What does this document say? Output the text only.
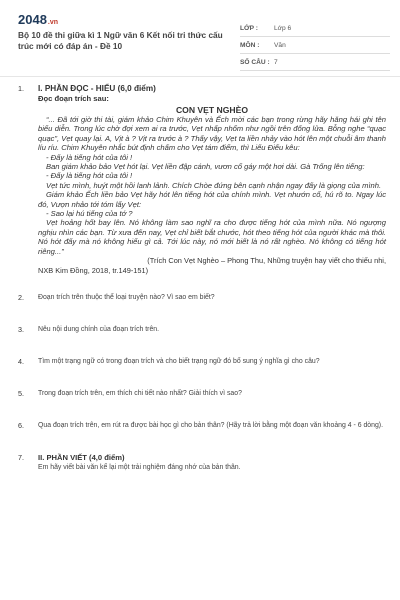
2048.vn
Bộ 10 đề thi giữa kì 1 Ngữ văn 6 Kết nối tri thức cấu trúc mới có đáp án - Đề 10
LỚP :	Lớp 6
MÔN :	Văn
SỐ CÂU : 7
1.	I. PHẦN ĐỌC - HIỂU (6,0 điểm)
Đọc đoạn trích sau:
CON VẸT NGHÈO

“... Đã tới giờ thi tài, giám khảo Chim Khuyên và Ếch mời các bạn trong rừng hãy hăng hái ghi tên biểu diễn. Trong lúc chờ đợi xem ai ra trước, Vẹt nhấp nhổm như ngồi trên đống lửa. Bỗng nghe “quạc quạc”, Vẹt quay lại. A, Vịt à ? Vịt ra trước à ? Thấy vậy, Vẹt ta liền nhảy vào hót lên một chuỗi âm thanh líu ríu. Chim Khuyên nhắc bút định chấm cho Vẹt tám điểm, thì Liếu Điếu kêu:

- Đấy là tiếng hót của tôi !

Ban giám khảo bảo Vẹt hót lại. Vẹt liền đập cánh, vươn cổ gáy một hơi dài. Gà Trống lên tiếng:

- Đấy là tiếng hót của tôi !

Vẹt tức mình, huýt một hồi lanh lảnh. Chích Chòe đứng bên cạnh nhận ngay đấy là giọng của mình.

Giám khảo Ếch liền bảo Vẹt hãy hót lên tiếng hót của chính mình. Vẹt nhướn cổ, hú rõ to. Ngay lúc đó, Vượn nhảo tới tóm lấy Vẹt:

- Sao lại hú tiếng của tớ ?

Vẹt hoảng hốt bay lên. Nó không làm sao nghĩ ra cho được tiếng hót của mình nữa. Nó ngượng nghịu nhìn các bạn. Từ xưa đến nay, Vẹt chỉ biết bắt chước, hót theo tiếng hót của người khác mà thôi. Nó hót đấy mà nó không hiểu gì cả. Tới lúc này, nó mới biết là nó rất nghèo. Nó không có tiếng hót riêng...”

(Trích Con Vẹt Nghèo – Phong Thu, Những truyện hay viết cho thiếu nhi,
NXB Kim Đồng, 2018, tr.149-151)
2.	Đoạn trích trên thuộc thể loại truyện nào? Vì sao em biết?
3.	Nêu nội dung chính của đoạn trích trên.
4.	Tìm một trạng ngữ có trong đoạn trích và cho biết trạng ngữ đó bổ sung ý nghĩa gì cho câu?
5.	Trong đoạn trích trên, em thích chi tiết nào nhất? Giải thích vì sao?
6.	Qua đoạn trích trên, em rút ra được bài học gì cho bản thân? (Hãy trả lời bằng một đoạn văn khoảng 4 - 6 dòng).
7.	II. PHẦN VIẾT (4,0 điểm)
Em hãy viết bài văn kể lại một trải nghiệm đáng nhớ của bản thân.
